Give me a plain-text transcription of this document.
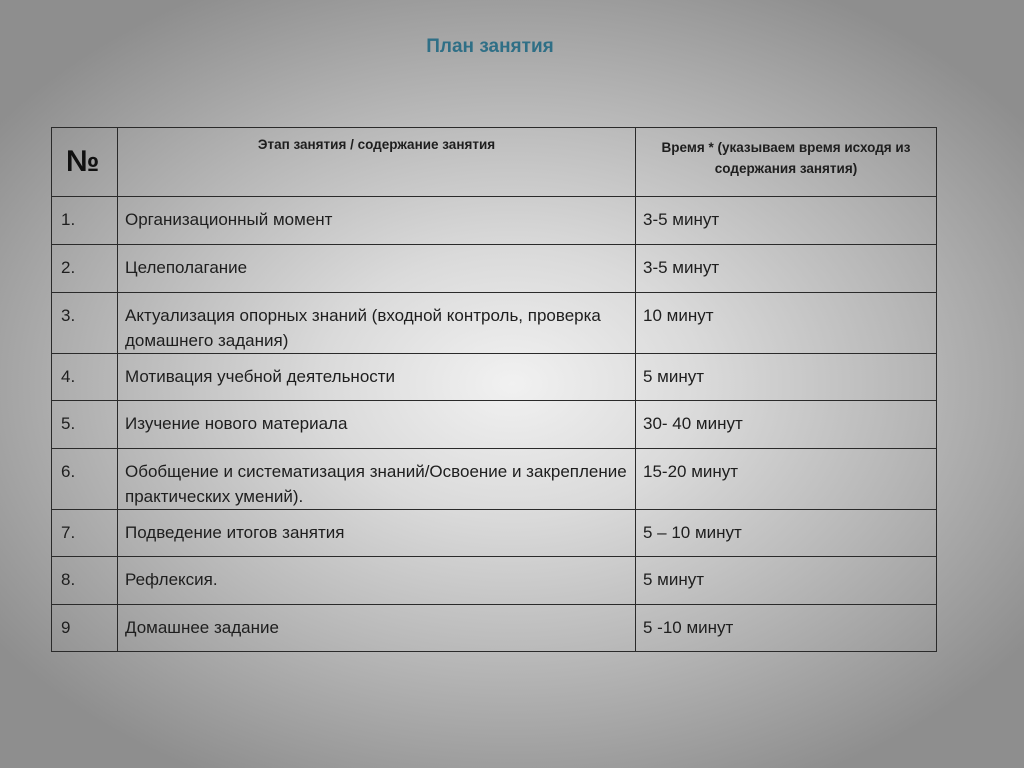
План занятия
№	Этап занятия / содержание занятия	Время * (указываем время исходя из содержания занятия)
1.	Организационный момент	3-5 минут
2.	Целеполагание	3-5 минут
3.	Актуализация опорных знаний (входной контроль, проверка домашнего задания)	10 минут
4.	Мотивация учебной деятельности	5 минут
5.	Изучение нового материала	30- 40 минут
6.	Обобщение и систематизация знаний/Освоение и закрепление практических умений).	15-20 минут
7.	Подведение итогов занятия	5 – 10 минут
8.	Рефлексия.	5 минут
9	Домашнее задание	5 -10 минут
